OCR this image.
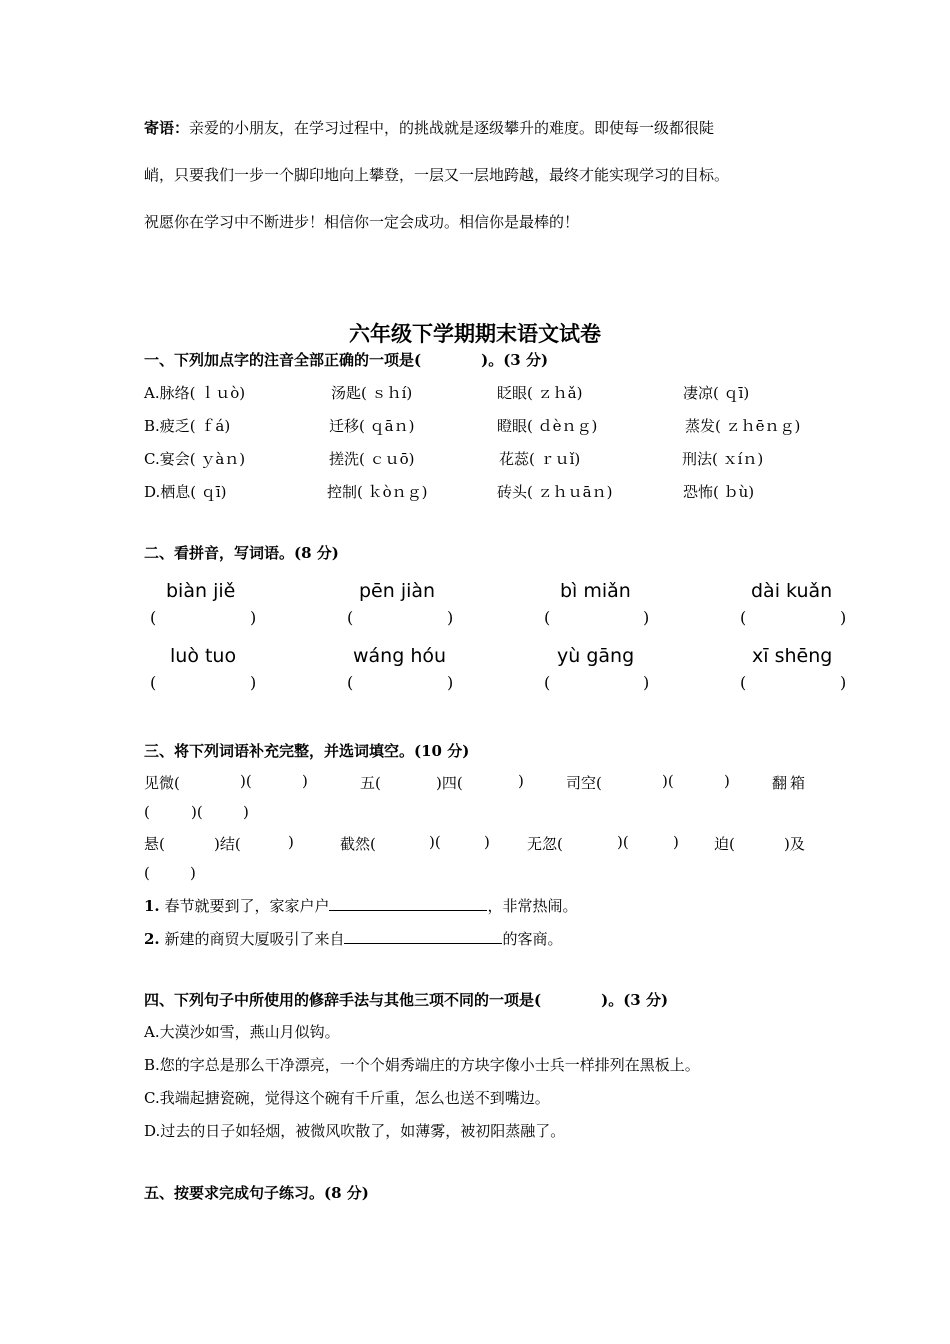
寄语：亲爱的小朋友，在学习过程中，的挑战就是逐级攀升的难度。即使每一级都很陡
峭，只要我们一步一个脚印地向上攀登，一层又一层地跨越，最终才能实现学习的目标。
祝愿你在学习中不断进步！相信你一定会成功。相信你是最棒的！
六年级下学期期末语文试卷
一、下列加点字的注音全部正确的一项是(　　　　)。(3 分)
A.脉络( ｌｕò)	汤匙( ｓｈí)	眨眼( ｚｈǎ)	凄凉( ｑī)
B.疲乏( ｆá)	迁移( ｑāｎ)	瞪眼( ｄèｎｇ)	蒸发( ｚｈēｎｇ)
C.宴会( ｙàｎ)	搓洗( ｃｕō)	花蕊( ｒｕǐ)	刑法( ｘíｎ)
D.栖息( ｑī)	控制( ｋòｎｇ)	砖头( ｚｈｕāｎ)	恐怖( ｂù)
二、看拼音，写词语。(8 分)
biàn jiě	pēn jiàn	bì miǎn	dài kuǎn
(	)	(	)	(	)	(	)
luò tuo	wáng hóu	yù gāng	xī shēng
(	)	(	)	(	)	(	)
三、将下列词语补充完整，并选词填空。(10 分)
见微(	)(	)	五(	)四(	)	司空(	)(	)	翻箱
(	)(	)
悬(	)结(	)	截然(	)(	) 无忽(	)(	) 迫(	)及
(	)
1. 春节就要到了，家家户户	，非常热闹。
2. 新建的商贸大厦吸引了来自	的客商。
四、下列句子中所使用的修辞手法与其他三项不同的一项是(　　　　)。(3 分)
A.大漠沙如雪，燕山月似钩。
B.您的字总是那么干净漂亮，一个个娟秀端庄的方块字像小士兵一样排列在黑板上。
C.我端起搪瓷碗，觉得这个碗有千斤重，怎么也送不到嘴边。
D.过去的日子如轻烟，被微风吹散了，如薄雾，被初阳蒸融了。
五、按要求完成句子练习。(8 分)
